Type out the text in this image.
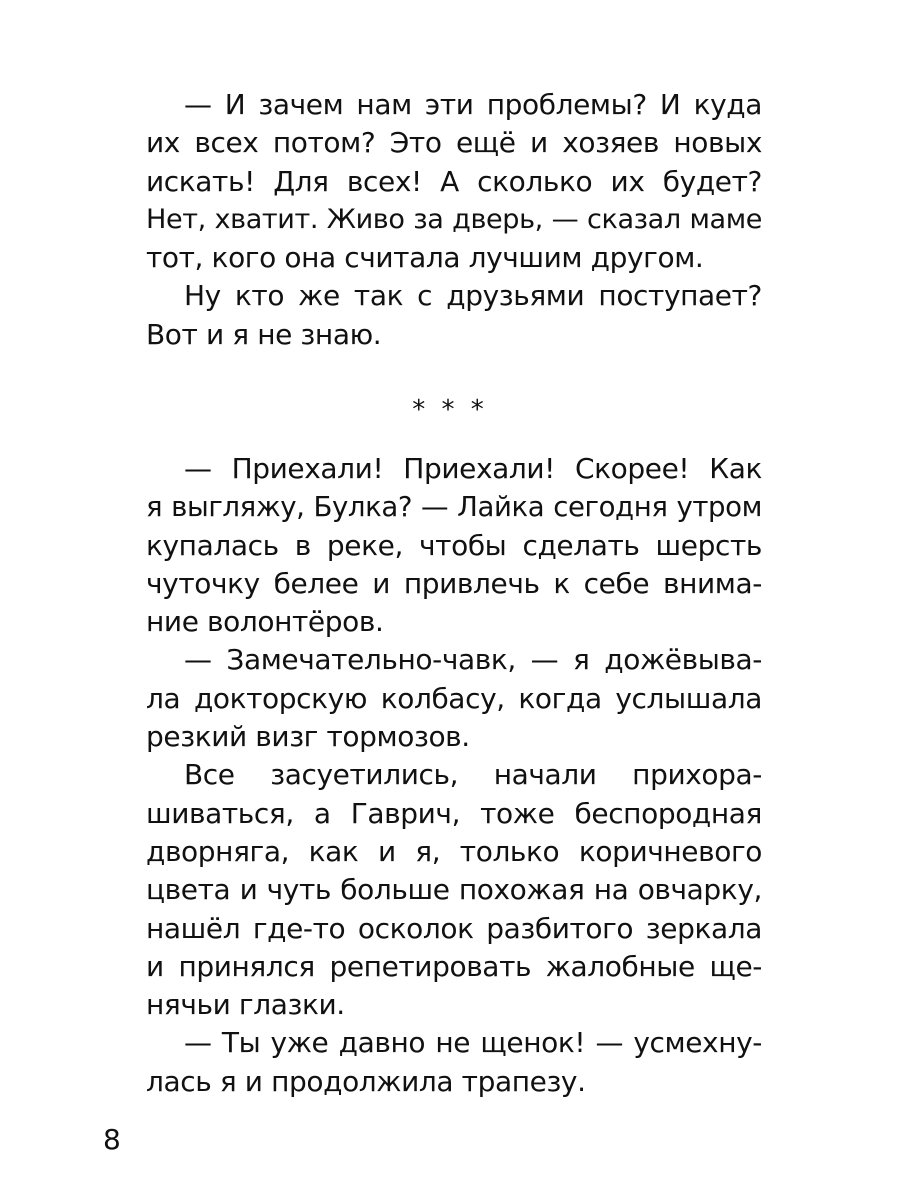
— И зачем нам эти проблемы? И куда
их всех потом? Это ещё и хозяев новых
искать! Для всех! А сколько их будет?
Нет, хватит. Живо за дверь, — сказал маме
тот, кого она считала лучшим другом.
Ну кто же так с друзьями поступает?
Вот и я не знаю.
* * *
— Приехали! Приехали! Скорее! Как
я выгляжу, Булка? — Лайка сегодня утром
купалась в реке, чтобы сделать шерсть
чуточку белее и привлечь к себе внима-
ние волонтёров.
— Замечательно-чавк, — я дожёвыва-
ла докторскую колбасу, когда услышала
резкий визг тормозов.
Все засуетились, начали прихора-
шиваться, а Гаврич, тоже беспородная
дворняга, как и я, только коричневого
цвета и чуть больше похожая на овчарку,
нашёл где-то осколок разбитого зеркала
и принялся репетировать жалобные ще-
нячьи глазки.
— Ты уже давно не щенок! — усмехну-
лась я и продолжила трапезу.
8
